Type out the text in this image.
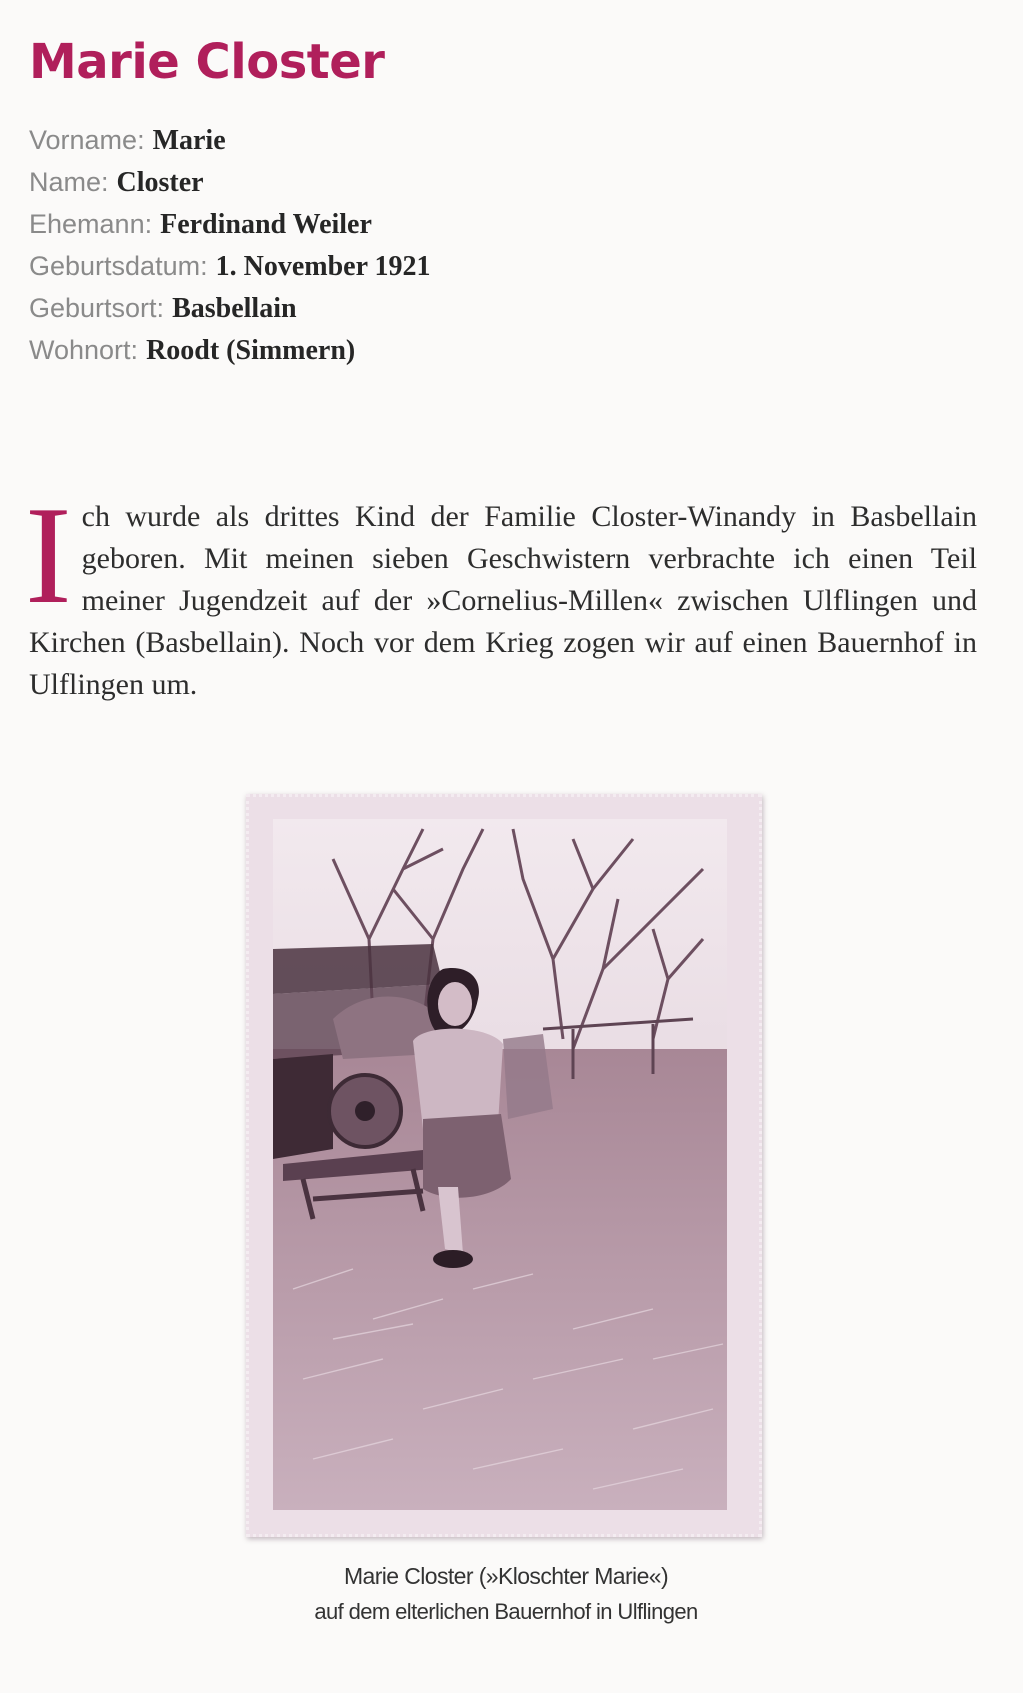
Marie Closter
Vorname: Marie
Name: Closter
Ehemann: Ferdinand Weiler
Geburtsdatum: 1. November 1921
Geburtsort: Basbellain
Wohnort: Roodt (Simmern)

Ich wurde als drittes Kind der Familie Closter-Winandy in Basbellain geboren. Mit meinen sieben Geschwistern verbrachte ich einen Teil meiner Jugendzeit auf der »Cornelius-Millen« zwischen Ulflingen und Kirchen (Basbellain). Noch vor dem Krieg zogen wir auf einen Bauernhof in Ulflingen um.

Marie Closter (»Kloschter Marie«)
auf dem elterlichen Bauernhof in Ulflingen
